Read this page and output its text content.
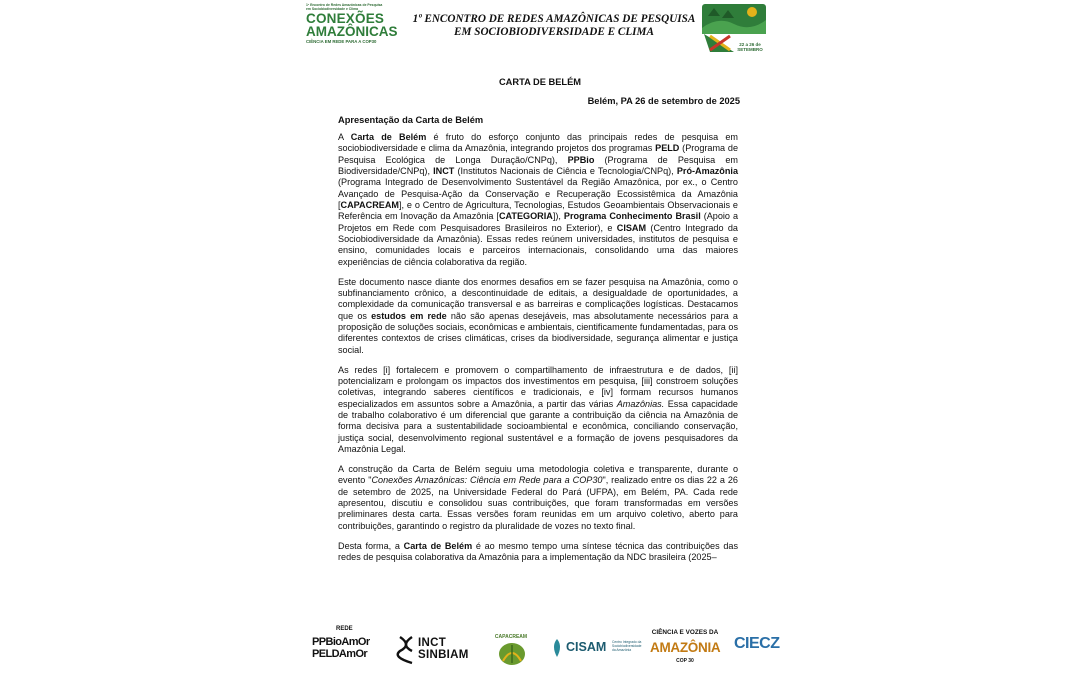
1º Encontro de Redes Amazônicas de Pesquisa em Sociobiodiversidade e Clima
CONEXÕES
AMAZÔNICAS
CIÊNCIA EM REDE PARA A COP30
1º ENCONTRO DE REDES AMAZÔNICAS DE PESQUISA
EM SOCIOBIODIVERSIDADE E CLIMA
22 a 26 de SETEMBRO
CARTA DE BELÉM
Belém, PA 26 de setembro de 2025
Apresentação da Carta de Belém

A Carta de Belém é fruto do esforço conjunto das principais redes de pesquisa em sociobiodiversidade e clima da Amazônia, integrando projetos dos programas PELD (Programa de Pesquisa Ecológica de Longa Duração/CNPq), PPBio (Programa de Pesquisa em Biodiversidade/CNPq), INCT (Institutos Nacionais de Ciência e Tecnologia/CNPq), Pró-Amazônia (Programa Integrado de Desenvolvimento Sustentável da Região Amazônica, por ex., o Centro Avançado de Pesquisa-Ação da Conservação e Recuperação Ecossistêmica da Amazônia [CAPACREAM], e o Centro de Agricultura, Tecnologias, Estudos Geoambientais Observacionais e Referência em Inovação da Amazônia [CATEGORIA]), Programa Conhecimento Brasil (Apoio a Projetos em Rede com Pesquisadores Brasileiros no Exterior), e CISAM (Centro Integrado da Sociobiodiversidade da Amazônia). Essas redes reúnem universidades, institutos de pesquisa e ensino, comunidades locais e parceiros internacionais, consolidando uma das maiores experiências de ciência colaborativa da região.

Este documento nasce diante dos enormes desafios em se fazer pesquisa na Amazônia, como o subfinanciamento crônico, a descontinuidade de editais, a desigualdade de oportunidades, a complexidade da comunicação transversal e as barreiras e complicações logísticas. Destacamos que os estudos em rede não são apenas desejáveis, mas absolutamente necessários para a proposição de soluções sociais, econômicas e ambientais, cientificamente fundamentadas, para os diferentes contextos de crises climáticas, crises da biodiversidade, segurança alimentar e justiça social.

As redes [i] fortalecem e promovem o compartilhamento de infraestrutura e de dados, [ii] potencializam e prolongam os impactos dos investimentos em pesquisa, [iii] constroem soluções coletivas, integrando saberes científicos e tradicionais, e [iv] formam recursos humanos especializados em assuntos sobre a Amazônia, a partir das várias Amazônias. Essa capacidade de trabalho colaborativo é um diferencial que garante a contribuição da ciência na Amazônia de forma decisiva para a sustentabilidade socioambiental e econômica, conciliando conservação, justiça social, desenvolvimento regional sustentável e a formação de jovens pesquisadores da Amazônia Legal.

A construção da Carta de Belém seguiu uma metodologia coletiva e transparente, durante o evento "Conexões Amazônicas: Ciência em Rede para a COP30", realizado entre os dias 22 a 26 de setembro de 2025, na Universidade Federal do Pará (UFPA), em Belém, PA. Cada rede apresentou, discutiu e consolidou suas contribuições, que foram transformadas em versões preliminares desta carta. Essas versões foram reunidas em um arquivo coletivo, aberto para contribuições, garantindo o registro da pluralidade de vozes no texto final.

Desta forma, a Carta de Belém é ao mesmo tempo uma síntese técnica das contribuições das redes de pesquisa colaborativa da Amazônia para a implementação da NDC brasileira (2025–

REDE
PPBioAmOr
PELDAmOr
INCT
SINBIAM
CAPACREAM
CISAM Centro Integrado da Sociobiodiversidade da Amazônia
CIÊNCIA E VOZES DA
AMAZÔNIA
COP 30
CIECZ
